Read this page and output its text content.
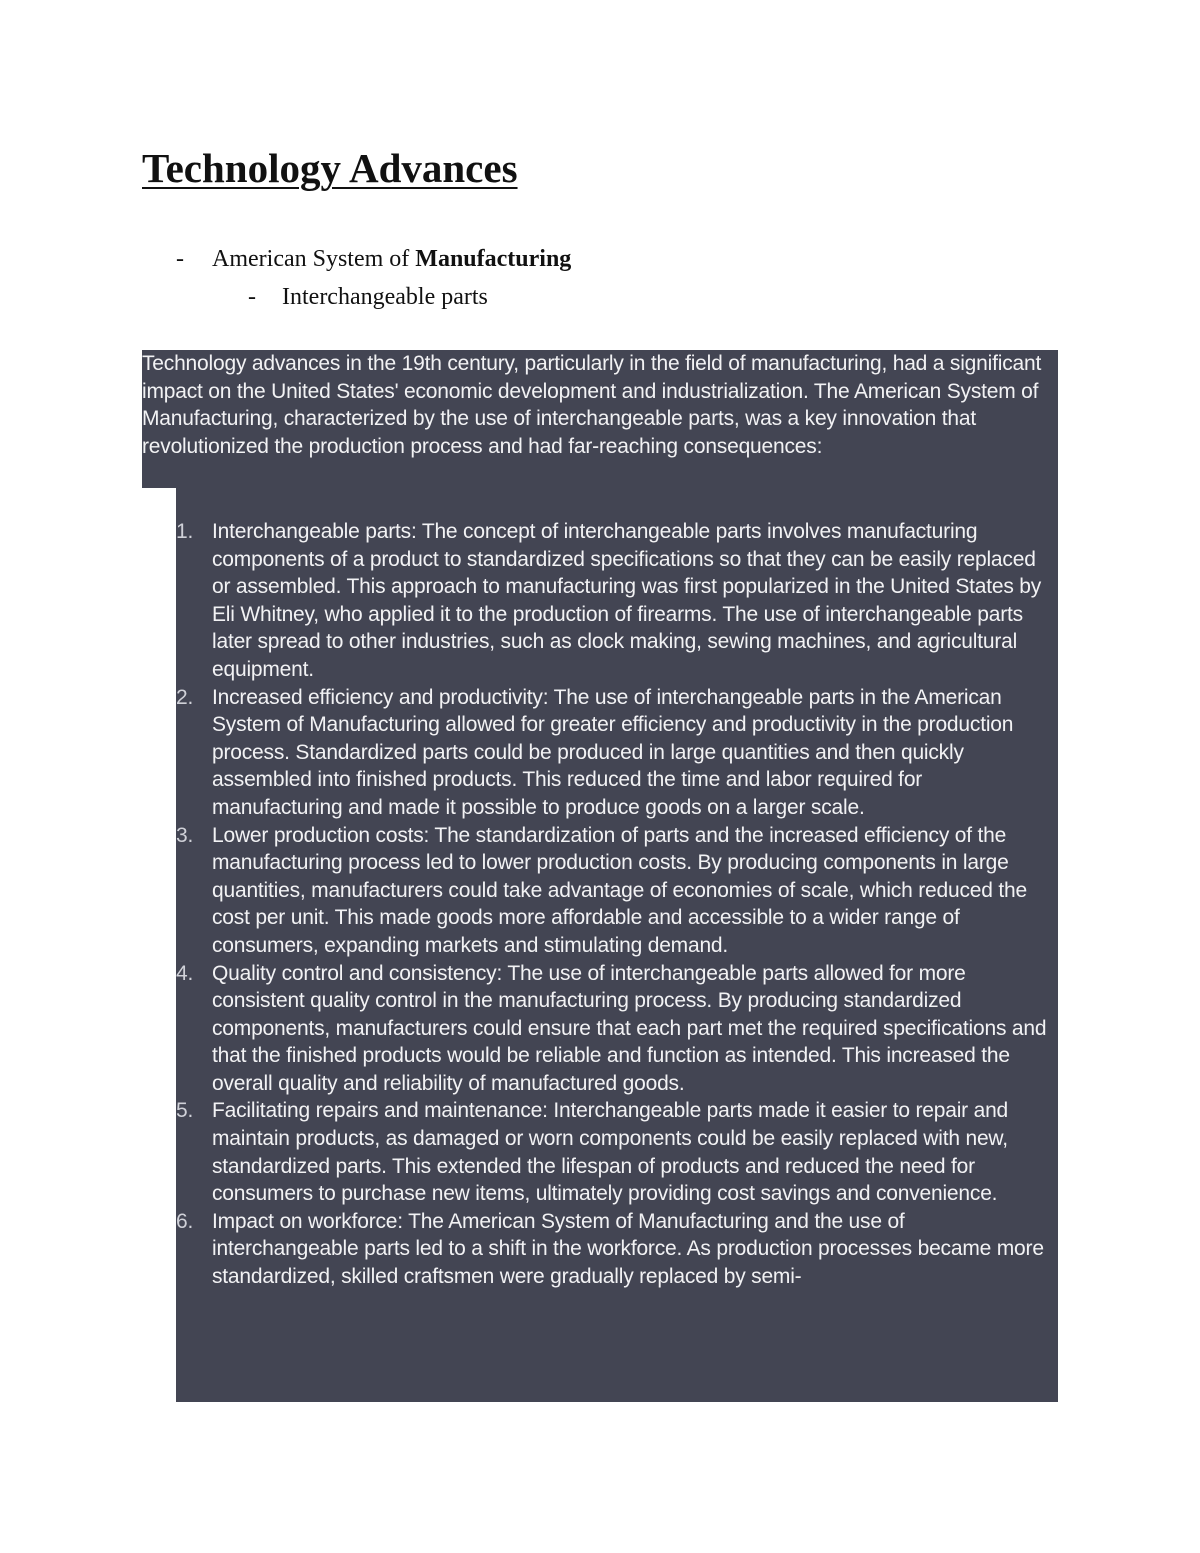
Technology Advances
- American System of Manufacturing
- Interchangeable parts

Technology advances in the 19th century, particularly in the field of manufacturing, had a significant impact on the United States' economic development and industrialization. The American System of Manufacturing, characterized by the use of interchangeable parts, was a key innovation that revolutionized the production process and had far-reaching consequences:

1. Interchangeable parts: The concept of interchangeable parts involves manufacturing components of a product to standardized specifications so that they can be easily replaced or assembled. This approach to manufacturing was first popularized in the United States by Eli Whitney, who applied it to the production of firearms. The use of interchangeable parts later spread to other industries, such as clock making, sewing machines, and agricultural equipment.
2. Increased efficiency and productivity: The use of interchangeable parts in the American System of Manufacturing allowed for greater efficiency and productivity in the production process. Standardized parts could be produced in large quantities and then quickly assembled into finished products. This reduced the time and labor required for manufacturing and made it possible to produce goods on a larger scale.
3. Lower production costs: The standardization of parts and the increased efficiency of the manufacturing process led to lower production costs. By producing components in large quantities, manufacturers could take advantage of economies of scale, which reduced the cost per unit. This made goods more affordable and accessible to a wider range of consumers, expanding markets and stimulating demand.
4. Quality control and consistency: The use of interchangeable parts allowed for more consistent quality control in the manufacturing process. By producing standardized components, manufacturers could ensure that each part met the required specifications and that the finished products would be reliable and function as intended. This increased the overall quality and reliability of manufactured goods.
5. Facilitating repairs and maintenance: Interchangeable parts made it easier to repair and maintain products, as damaged or worn components could be easily replaced with new, standardized parts. This extended the lifespan of products and reduced the need for consumers to purchase new items, ultimately providing cost savings and convenience.
6. Impact on workforce: The American System of Manufacturing and the use of interchangeable parts led to a shift in the workforce. As production processes became more standardized, skilled craftsmen were gradually replaced by semi-
